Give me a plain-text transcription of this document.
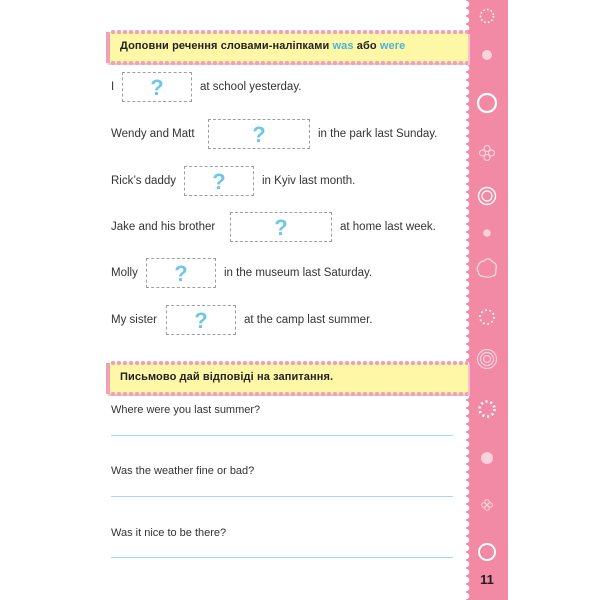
11
Доповни речення словами-наліпками was або were
I	?	at school yesterday.
Wendy and Matt	?	in the park last Sunday.
Rick’s daddy	?	in Kyiv last month.
Jake and his brother	?	at home last week.
Molly	?	in the museum last Saturday.
My sister	?	at the camp last summer.
Письмово дай відповіді на запитання.
Where were you last summer?
Was the weather fine or bad?
Was it nice to be there?
